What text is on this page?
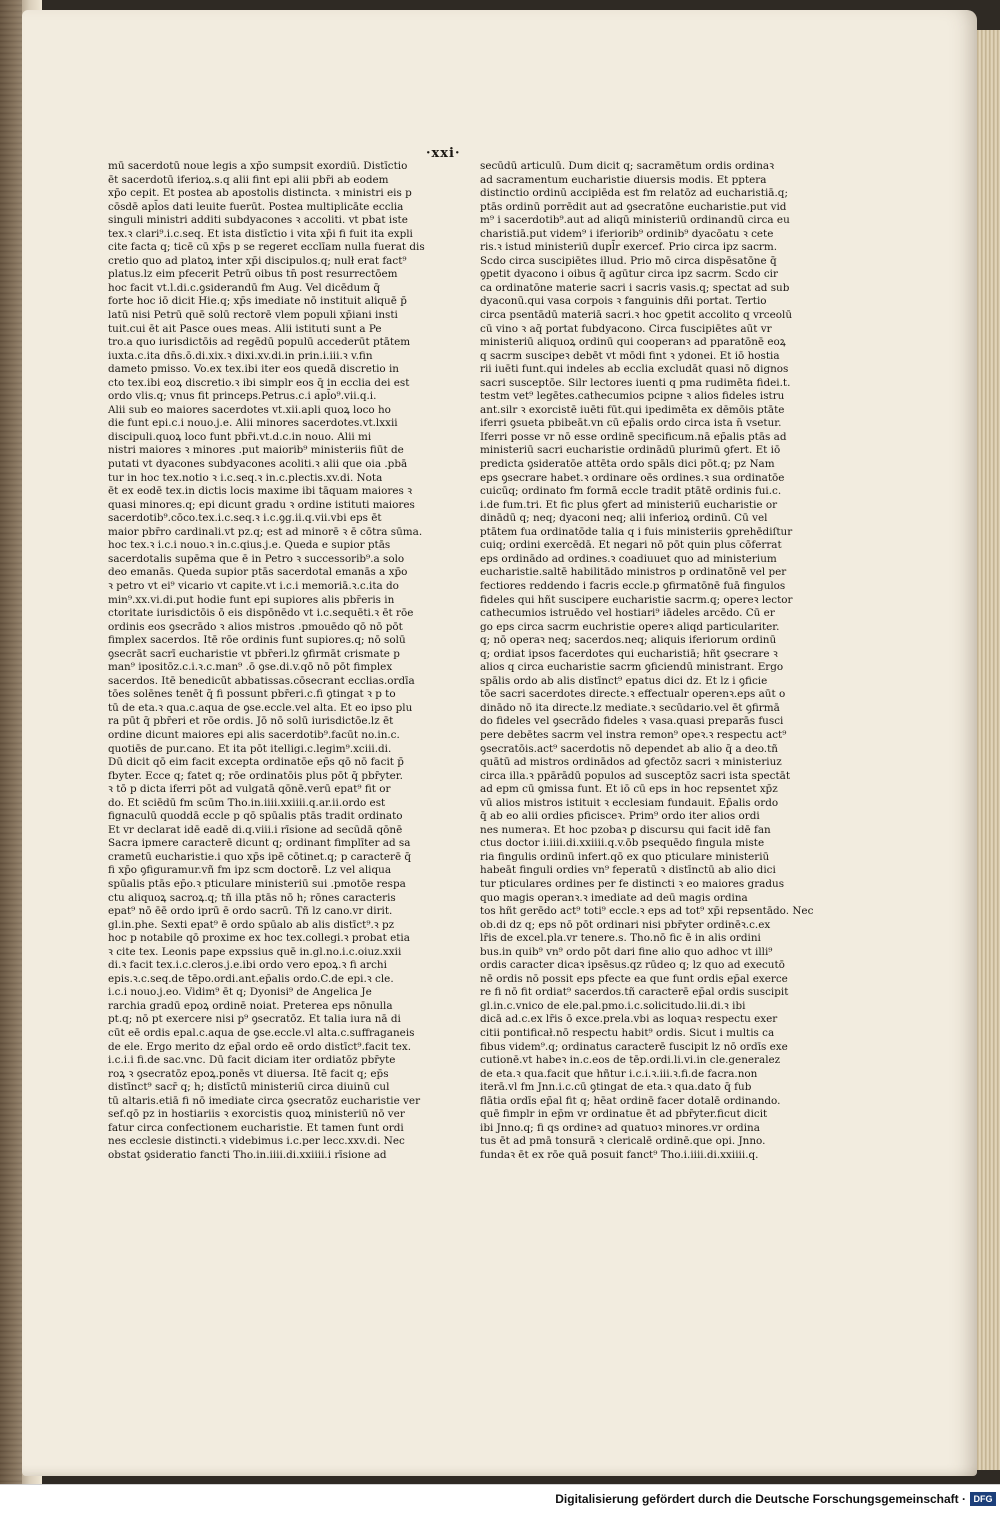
·xxi·
mū sacerdotū noue legis a xp̄o sumpsit exordiū. Distīctio
ēt sacerdotū iferioꝝ.s.q alii fint epi alii pbr̄i ab eodem
xp̄o cepit. Et postea ab apostolis distincta. ꝛ ministri eis p
cōsdē apl̄os dati leuite fuerūt. Postea multiplicāte ecclia
singuli ministri additi subdyacones ꝛ accoliti. vt pbat iste
tex.ꝛ clari⁹.i.c.seq. Et ista distīctio i vita xp̄i fi fuit ita expli
cite facta q; ticē cū xp̄s p se regeret ecclīam nulla fuerat dis
cretio quo ad platoꝝ inter xp̄i discipulos.q; nulł erat fact⁹
platus.lz eim pfecerit Petrū oibus tn̄ post resurrectōem
hoc facit vt.l.di.c.ꝯsiderandū fm Aug. Vel dicēdum q̄
forte hoc iō dicit Hie.q; xp̄s imediate nō instituit aliquē p̄
latū nisi Petrū quē solū rectorē vlem populi xp̄iani insti
tuit.cui ēt ait Pasce oues meas. Alii istituti sunt a Pe
tro.a quo iurisdictōis ad regēdū populū accederūt ptātem
iuxta.c.ita dn̄s.ō.di.xix.ꝛ dixi.xv.di.in prin.i.iii.ꝛ v.fin
dameto pmisso. Vo.ex tex.ibi iter eos quedā discretio in
cto tex.ibi eoꝝ discretio.ꝛ ibi simplr eos q̄ in ecclia dei est
ordo vlis.q; vnus fit princeps.Petrus.c.i apl̄o⁹.vii.q.i.
Alii sub eo maiores sacerdotes vt.xii.apli quoꝝ loco ho
die funt epi.c.i nouo.j.e. Alii minores sacerdotes.vt.lxxii
discipuli.quoꝝ loco funt pbr̄i.vt.d.c.in nouo. Alii mi
nistri maiores ꝛ minores .put maiorib⁹ ministeriis fiūt de
putati vt dyacones subdyacones acoliti.ꝛ alii que oia .pbā
tur in hoc tex.notio ꝛ i.c.seq.ꝛ in.c.plectis.xv.di. Nota
ēt ex eodē tex.in dictis locis maxime ibi tāquam maiores ꝛ
quasi minores.q; epi dicunt gradu ꝛ ordine istituti maiores
sacerdotib⁹.cōco.tex.i.c.seq.ꝛ i.c.ꝯg.ii.q.vii.vbi eps ēt
maior pbr̄ro cardinali.vt pz.q; est ad minorē ꝛ ē cōtra sūma.
hoc tex.ꝛ i.c.i nouo.ꝛ in.c.qius.j.e. Queda e supior ptās
sacerdotalis supēma que ē in Petro ꝛ successorib⁹.a solo
deo emanās. Queda supior ptās sacerdotal emanās a xp̄o
ꝛ petro vt ei⁹ vicario vt capite.vt i.c.i memoriā.ꝛ.c.ita do
min⁹.xx.vi.di.put hodie funt epi supiores alis pbr̄eris in
ctoritate iurisdictōis ō eis dispōnēdo vt i.c.sequēti.ꝛ ēt rōe
ordinis eos ꝯsecrādo ꝛ alios mistros .pmouēdo qō nō pōt
fimplex sacerdos. Itē rōe ordinis funt supiores.q; nō solū
ꝯsecrāt sacrī eucharistie vt pbr̄eri.lz ꝯfirmāt crismate p
man⁹ ipositōz.c.i.ꝛ.c.man⁹ .ō ꝯse.di.v.qō nō pōt fimplex
sacerdos. Itē benedicūt abbatissas.cōsecrant ecclias.ordīa
tōes solēnes tenēt q̄ fi possunt pbr̄eri.c.fi ꝯtingat ꝛ p to
tū de eta.ꝛ qua.c.aqua de ꝯse.eccle.vel alta. Et eo ipso plu
ra pūt q̄ pbr̄eri et rōe ordis. Jō nō solū iurisdictōe.lz ēt
ordine dicunt maiores epi alis sacerdotib⁹.facūt no.in.c.
quotiēs de pur.cano. Et ita pōt itelligi.c.legim⁹.xciii.di.
Dū dicit qō eim facit excepta ordinatōe ep̄s qō nō facit p̄
fbyter. Ecce q; fatet q; rōe ordinatōis plus pōt q̄ pbr̄yter.
ꝛ tō p dicta iferri pōt ad vulgatā qōnē.verū epat⁹ fit or
do. Et sciēdū fm scūm Tho.in.iiii.xxiiii.q.ar.ii.ordo est
fignaculū quoddā eccle p qō spūalis ptās tradit ordinato
Et vr declarat idē eadē di.q.viii.i rīsione ad secūdā qōnē
Sacra ipmere caracterē dicunt q; ordinant fimplīter ad sa
crametū eucharistie.i quo xp̄s ipē cōtinet.q; p caracterē q̄
fi xp̄o ꝯfiguramur.vñ fm ipz scm doctorē. Lz vel aliqua
spūalis ptās ep̄o.ꝛ pticulare ministeriū sui .pmotōe respa
ctu aliquoꝝ sacroꝝ.q; tñ illa ptās nō h; rōnes caracteris
epat⁹ nō ēē ordo iprū ē ordo sacrū. Tñ lz cano.vr dirit.
gl.in.phe. Sexti epat⁹ ē ordo spūalo ab alis distīct⁹.ꝛ pz
hoc p notabile qō proxime ex hoc tex.collegi.ꝛ probat etia
ꝛ cite tex. Leonis pape expssius quē in.gl.no.i.c.oiuz.xxii
di.ꝛ facit tex.i.c.cleros.j.e.ibi ordo vero epoꝝ.ꝛ fi archi
epis.ꝛ.c.seq.de tēpo.ordi.ant.ep̄alis ordo.C.de epi.ꝛ cle.
i.c.i nouo.j.eo. Vidim⁹ ēt q; Dyonisi⁹ de Angelica Je
rarchia gradū epoꝝ ordinē noiat. Preterea eps nōnulla
pt.q; nō pt exercere nisi p⁹ ꝯsecratōz. Et talia iura nā di
cūt eē ordis epal.c.aqua de ꝯse.eccle.vl alta.c.suffraganeis
de ele. Ergo merito dz ep̄al ordo eē ordo distīct⁹.facit tex.
i.c.i.i fi.de sac.vnc. Dū facit diciam iter ordiatōz pbr̄yte
roꝝ ꝛ ꝯsecratōz epoꝝ.ponēs vt diuersa. Itē facit q; ep̄s
distīnct⁹ sacr̄ q; h; distīctū ministeriū circa diuinū cul
tū altaris.etiā fi nō imediate circa ꝯsecratōz eucharistie ver
sef.qō pz in hostiariis ꝛ exorcistis quoꝝ ministeriū nō ver
fatur circa confectionem eucharistie. Et tamen funt ordi
nes ecclesie distincti.ꝛ videbimus i.c.per lecc.xxv.di. Nec
obstat ꝯsideratio fancti Tho.in.iiii.di.xxiiii.i rīsione ad
secūdū articulū. Dum dicit q; sacramētum ordis ordinaꝛ
ad sacramentum eucharistie diuersis modis. Et pptera
distinctio ordinū accipiēda est fm relatōz ad eucharistiā.q;
ptās ordinū porrēdit aut ad ꝯsecratōne eucharistie.put vid
m⁹ i sacerdotib⁹.aut ad aliqū ministeriū ordinandū circa eu
charistiā.put videm⁹ i iferiorib⁹ ordinib⁹ dyacōatu ꝛ cete
ris.ꝛ istud ministeriū dupl̄r exercef. Prio circa ipz sacrm.
Scdo circa suscipiētes illud. Prio mō circa dispēsatōne q̄
ꝯpetit dyacono i oibus q̄ agūtur circa ipz sacrm. Scdo cir
ca ordinatōne materie sacri i sacris vasis.q; spectat ad sub
dyaconū.qui vasa corpois ꝛ fanguinis dñi portat. Tertio
circa psentādū materiā sacri.ꝛ hoc ꝯpetit accolito q vrceolū
cū vino ꝛ aq̄ portat fubdyacono. Circa fuscipiētes aūt vr
ministeriū aliquoꝝ ordinū qui cooperanꝛ ad pparatōnē eoꝝ
q sacrm suscipeꝛ debēt vt mōdi fint ꝛ ydonei. Et iō hostia
rii iuēti funt.qui indeles ab ecclia excludāt quasi nō dignos
sacri susceptōe. Silr lectores iuenti q pma rudimēta fidei.t.
testm vet⁹ legētes.cathecumios pcipne ꝛ alios fideles istru
ant.silr ꝛ exorcistē iuēti fūt.qui ipedimēta ex dēmōis ptāte
iferri ꝯsueta pbibeāt.vn cū ep̄alis ordo circa ista n̄ vsetur.
Iferri posse vr nō esse ordinē specificum.nā ep̄alis ptās ad
ministeriū sacri eucharistie ordinādū plurimū ꝯfert. Et iō
predicta ꝯsideratōe attēta ordo spāls dici pōt.q; pz Nam
eps ꝯsecrare habet.ꝛ ordinare oēs ordines.ꝛ sua ordinatōe
cuicūq; ordinato fm formā eccle tradit ptātē ordinis fui.c.
i.de fum.tri. Et fic plus ꝯfert ad ministeriū eucharistie or
dinādū q; neq; dyaconi neq; alii inferioꝝ ordinū. Cū vel
ptātem fua ordinatōde talia q i fuis ministeriis ꝯprehēdiſtur
cuiq; ordini exercēdā. Et negari nō pōt quin plus cōferrat
eps ordinādo ad ordines.ꝛ coadiuuet quo ad ministerium
eucharistie.saltē habilitādo ministros p ordinatōnē vel per
fectiores reddendo i facris eccle.p ꝯfirmatōnē fuā fingulos
fideles qui hñt suscipere eucharistie sacrm.q; opereꝛ lector
cathecumios istruēdo vel hostiari⁹ iādeles arcēdo. Cū er
go eps circa sacrm euchristie opereꝛ aliqd particulariter.
q; nō operaꝛ neq; sacerdos.neq; aliquis iferiorum ordinū
q; ordiat ipsos facerdotes qui eucharistiā; hñt ꝯsecrare ꝛ
alios q circa eucharistie sacrm ꝯficiendū ministrant. Ergo
spālis ordo ab alis distīnct⁹ epatus dici dz. Et lz i ꝯficie
tōe sacri sacerdotes directe.ꝛ effectualr operenꝛ.eps aūt o
dinādo nō ita directe.lz mediate.ꝛ secūdario.vel ēt ꝯfirmā
do fideles vel ꝯsecrādo fideles ꝛ vasa.quasi preparās fusci
pere debētes sacrm vel instra remon⁹ opeꝛ.ꝛ respectu act⁹
ꝯsecratōis.act⁹ sacerdotis nō dependet ab alio q̄ a deo.tñ
quātū ad mistros ordinādos ad ꝯfectōz sacri ꝛ ministeriuz
circa illa.ꝛ ppārādū populos ad susceptōz sacri ista spectāt
ad epm cū ꝯmissa funt. Et iō cū eps in hoc repsentet xp̄z
vū alios mistros istituit ꝛ ecclesiam fundauit. Ep̄alis ordo
q̄ ab eo alii ordies pficisceꝛ. Prim⁹ ordo iter alios ordi
nes numeraꝛ. Et hoc pzobaꝛ ꝑ discursu qui facit idē fan
ctus doctor i.iiii.di.xxiiii.q.v.ōb psequēdo fingula miste
ria fingulis ordinū infert.qō ex quo pticulare ministeriū
habeāt finguli ordies vn⁹ feperatū ꝛ distīnctū ab alio dici
tur pticulares ordines per fe distincti ꝛ eo maiores gradus
quo magis operanꝛ.ꝛ imediate ad deū magis ordina
tos hñt gerēdo act⁹ toti⁹ eccle.ꝛ eps ad tot⁹ xp̄i repsentādo. Nec
ob.di dz q; eps nō pōt ordinari nisi pbr̄yter ordinēꝛ.c.ex
lr̄is de excel.pla.vr tenere.s. Tho.nō fic ē in alis ordini
bus.in quib⁹ vn⁹ ordo pōt dari fine alio quo adhoc vt illi⁹
ordis caracter dicaꝛ ipsēsus.qz rūdeo q; lz quo ad executō
nē ordis nō possit eps pfecte ea que funt ordis ep̄al exerce
re fi nō fit ordiat⁹ sacerdos.tñ caracterē ep̄al ordis suscipit
gl.in.c.vnico de ele.pal.pmo.i.c.solicitudo.lii.di.ꝛ ibi
dicā ad.c.ex lr̄is ō exce.prela.vbi as loquaꝛ respectu exer
citii pontificał.nō respectu habit⁹ ordis. Sicut i multis ca
fibus videm⁹.q; ordinatus caracterē fuscipit lz nō ordīs exe
cutionē.vt habeꝛ in.c.eos de tēp.ordi.li.vi.in cle.generalez
de eta.ꝛ qua.facit que hñtur i.c.i.ꝛ.iii.ꝛ.fi.de facra.non
iterā.vl fm Jnn.i.c.cū ꝯtingat de eta.ꝛ qua.dato q̄ fub
flātia ordīs ep̄al fit q; hēat ordinē facer dotalē ordinando.
quē fimplr in ep̄m vr ordinatue ēt ad pbr̄yter.ficut dicit
ibi Jnno.q; fi qs ordineꝛ ad quatuoꝛ minores.vr ordina
tus ēt ad pmā tonsurā ꝛ clericalē ordinē.que opi. Jnno.
fundaꝛ ēt ex rōe quā posuit fanct⁹ Tho.i.iiii.di.xxiiii.q.
Digitalisierung gefördert durch die Deutsche Forschungsgemeinschaft · DFG
